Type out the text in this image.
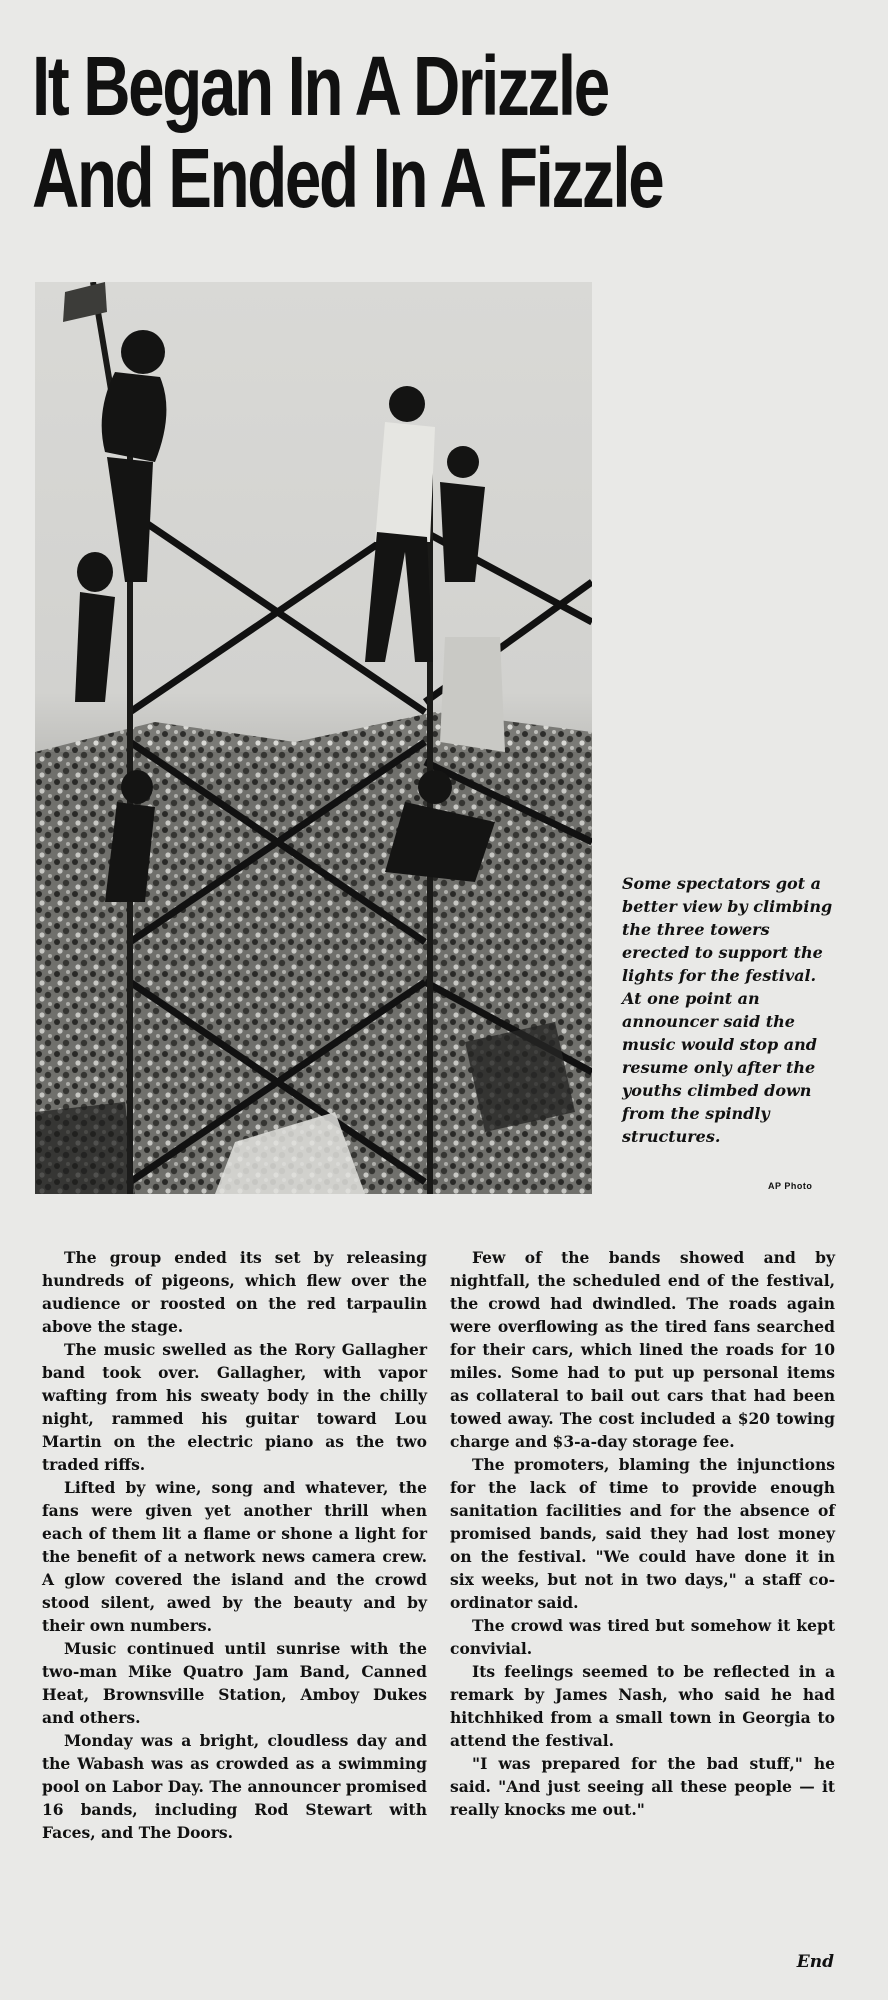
It Began In A Drizzle
And Ended In A Fizzle

Some spectators got a better view by climbing the three towers erected to support the lights for the festival. At one point an announcer said the music would stop and resume only after the youths climbed down from the spindly structures.

AP Photo

The group ended its set by releasing hundreds of pigeons, which flew over the audience or roosted on the red tarpaulin above the stage.

The music swelled as the Rory Gallagher band took over. Gallagher, with vapor wafting from his sweaty body in the chilly night, rammed his guitar toward Lou Martin on the electric piano as the two traded riffs.

Lifted by wine, song and whatever, the fans were given yet another thrill when each of them lit a flame or shone a light for the benefit of a network news camera crew. A glow covered the island and the crowd stood silent, awed by the beauty and by their own numbers.

Music continued until sunrise with the two-man Mike Quatro Jam Band, Canned Heat, Brownsville Station, Amboy Dukes and others.

Monday was a bright, cloudless day and the Wabash was as crowded as a swimming pool on Labor Day. The announcer promised 16 bands, including Rod Stewart with Faces, and The Doors.

Few of the bands showed and by nightfall, the scheduled end of the festival, the crowd had dwindled. The roads again were overflowing as the tired fans searched for their cars, which lined the roads for 10 miles. Some had to put up personal items as collateral to bail out cars that had been towed away. The cost included a $20 towing charge and $3-a-day storage fee.

The promoters, blaming the injunctions for the lack of time to provide enough sanitation facilities and for the absence of promised bands, said they had lost money on the festival. "We could have done it in six weeks, but not in two days," a staff co-ordinator said.

The crowd was tired but somehow it kept convivial.

Its feelings seemed to be reflected in a remark by James Nash, who said he had hitchhiked from a small town in Georgia to attend the festival.

"I was prepared for the bad stuff," he said. "And just seeing all these people — it really knocks me out."

End
